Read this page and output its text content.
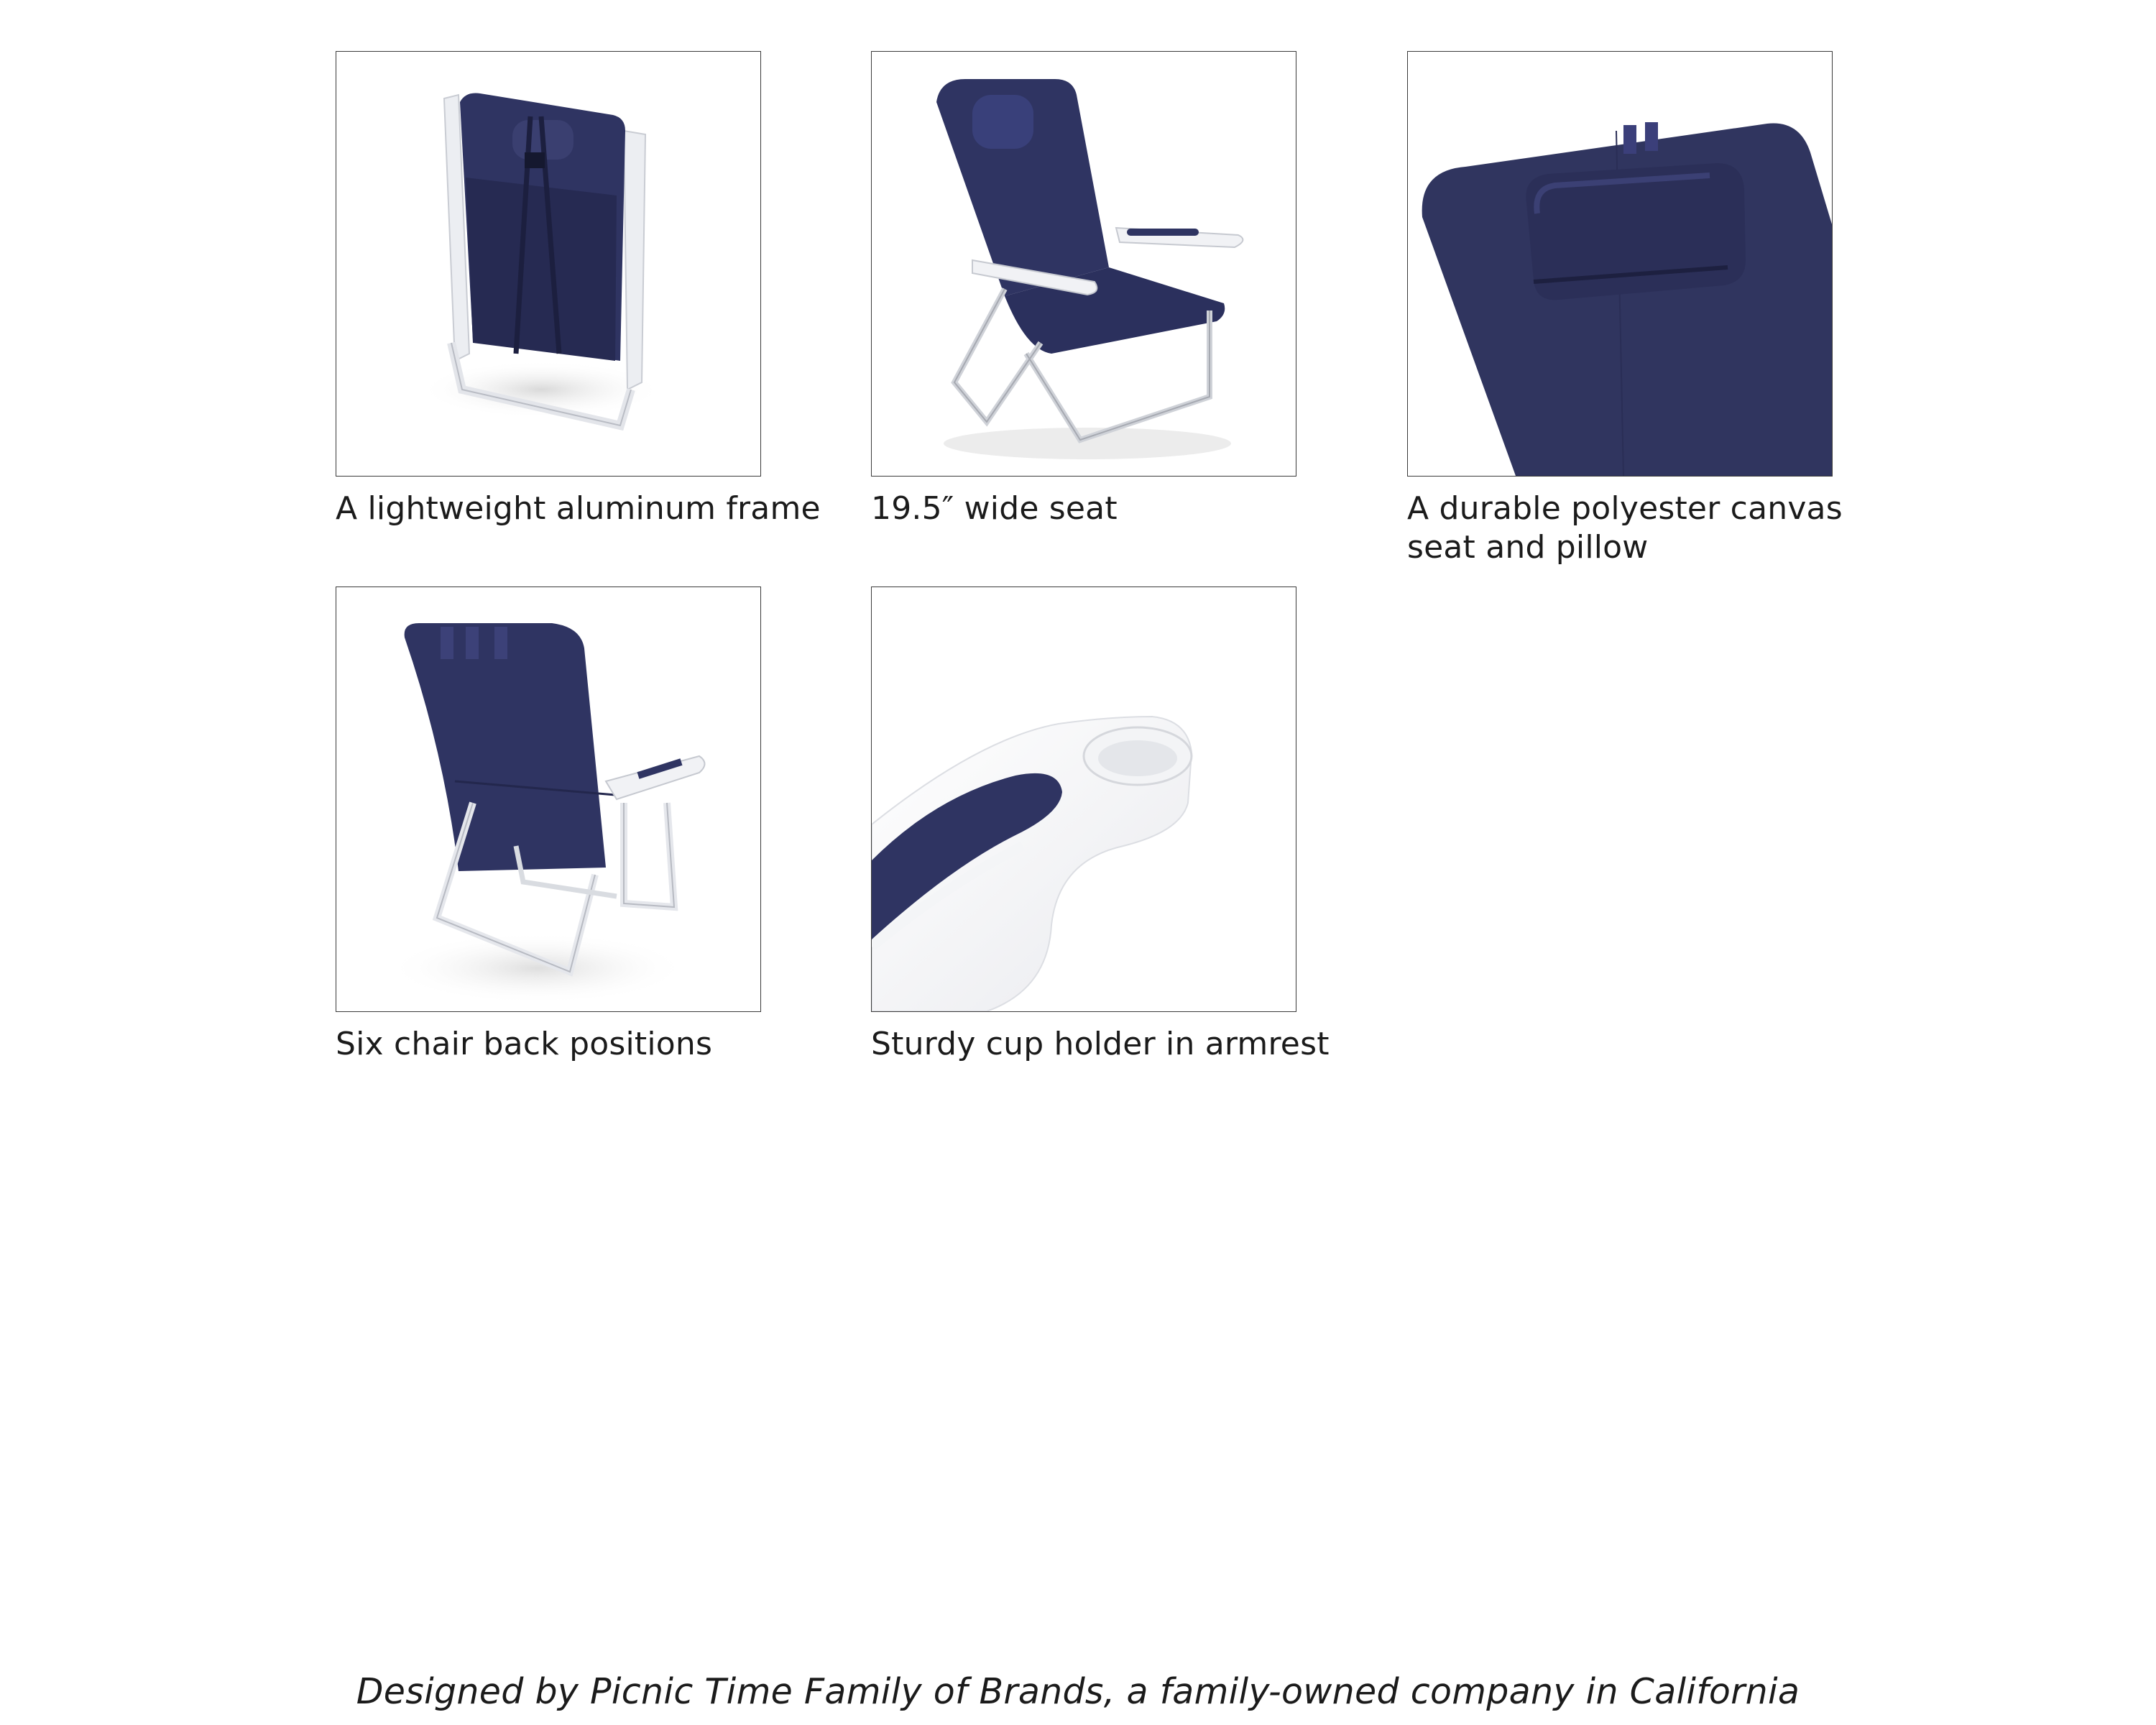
A lightweight aluminum frame 19.5″ wide seat	A durable polyester canvas seat and pillow
Six chair back positions	Sturdy cup holder in armrest
Designed by Picnic Time Family of Brands, a family-owned company in California
